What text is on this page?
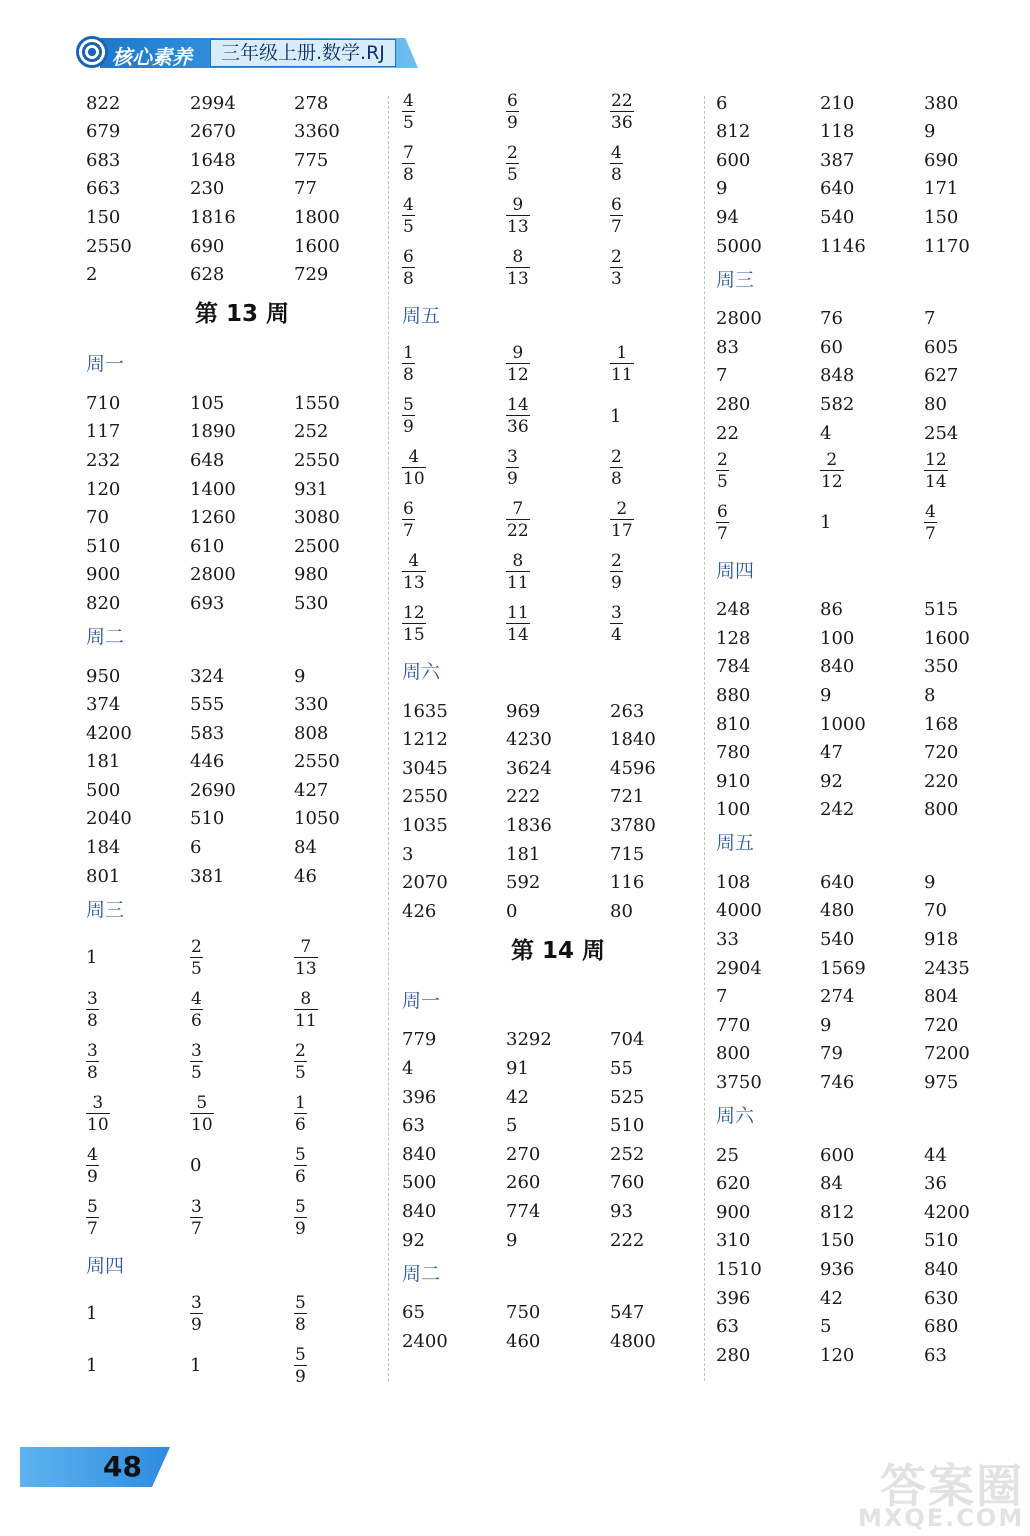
核心素养	三年级上册.数学.RJ
822	2994	278
679	2670	3360
683	1648	775
663	230	77
150	1816	1800
2550	690	1600
2	628	729
第 13 周
周一
710	105	1550
117	1890	252
232	648	2550
120	1400	931
70	1260	3080
510	610	2500
900	2800	980
820	693	530
周二
950	324	9
374	555	330
4200	583	808
181	446	2550
500	2690	427
2040	510	1050
184	6	84
801	381	46
周三
1	$\frac{2}{5}$	$\frac{7}{13}$
$\frac{3}{8}$	$\frac{4}{6}$	$\frac{8}{11}$
$\frac{3}{8}$	$\frac{3}{5}$	$\frac{2}{5}$
$\frac{3}{10}$	$\frac{5}{10}$	$\frac{1}{6}$
$\frac{4}{9}$	0	$\frac{5}{6}$
$\frac{5}{7}$	$\frac{3}{7}$	$\frac{5}{9}$
周四
1	$\frac{3}{9}$	$\frac{5}{8}$
1	1	$\frac{5}{9}$
$\frac{4}{5}$	$\frac{6}{9}$	$\frac{22}{36}$
$\frac{7}{8}$	$\frac{2}{5}$	$\frac{4}{8}$
$\frac{4}{5}$	$\frac{9}{13}$	$\frac{6}{7}$
$\frac{6}{8}$	$\frac{8}{13}$	$\frac{2}{3}$
周五
$\frac{1}{8}$	$\frac{9}{12}$	$\frac{1}{11}$
$\frac{5}{9}$	$\frac{14}{36}$	1
$\frac{4}{10}$	$\frac{3}{9}$	$\frac{2}{8}$
$\frac{6}{7}$	$\frac{7}{22}$	$\frac{2}{17}$
$\frac{4}{13}$	$\frac{8}{11}$	$\frac{2}{9}$
$\frac{12}{15}$	$\frac{11}{14}$	$\frac{3}{4}$
周六
1635	969	263
1212	4230	1840
3045	3624	4596
2550	222	721
1035	1836	3780
3	181	715
2070	592	116
426	0	80
第 14 周
周一
779	3292	704
4	91	55
396	42	525
63	5	510
840	270	252
500	260	760
840	774	93
92	9	222
周二
65	750	547
2400	460	4800
6	210	380
812	118	9
600	387	690
9	640	171
94	540	150
5000	1146	1170
周三
2800	76	7
83	60	605
7	848	627
280	582	80
22	4	254
$\frac{2}{5}$	$\frac{2}{12}$	$\frac{12}{14}$
$\frac{6}{7}$	1	$\frac{4}{7}$
周四
248	86	515
128	100	1600
784	840	350
880	9	8
810	1000	168
780	47	720
910	92	220
100	242	800
周五
108	640	9
4000	480	70
33	540	918
2904	1569	2435
7	274	804
770	9	720
800	79	7200
3750	746	975
周六
25	600	44
620	84	36
900	812	4200
310	150	510
1510	936	840
396	42	630
63	5	680
280	120	63
48	答案圈
MXQE.COM
